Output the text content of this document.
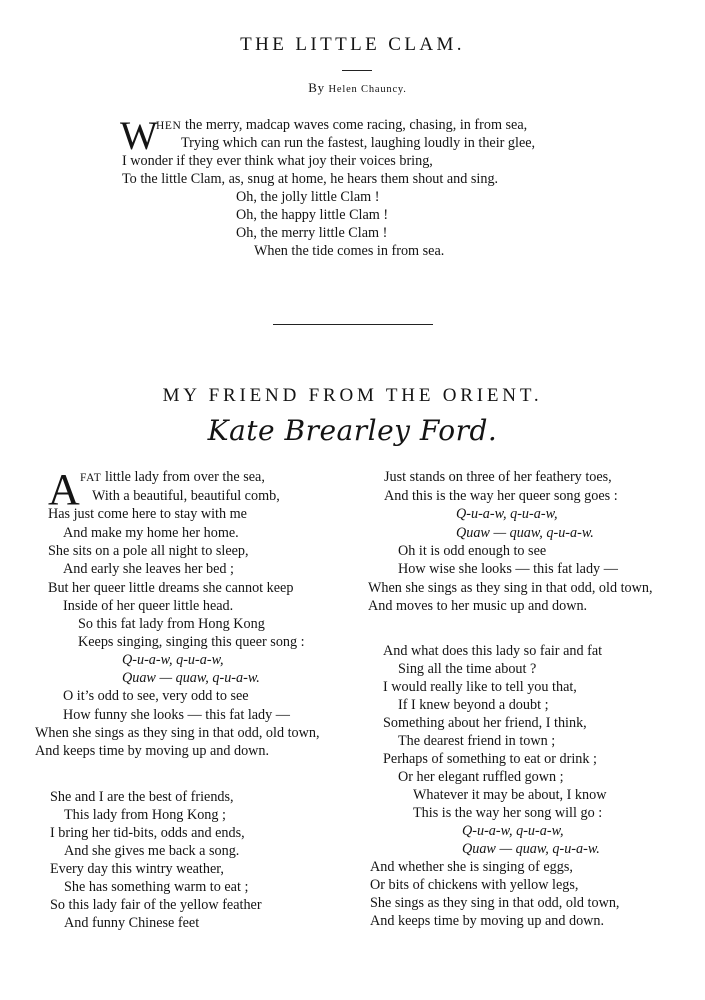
THE LITTLE CLAM.
By Helen Chauncy.
W
HEN the merry, madcap waves come racing, chasing, in from sea,
Trying which can run the fastest, laughing loudly in their glee,
I wonder if they ever think what joy their voices bring,
To the little Clam, as, snug at home, he hears them shout and sing.
Oh, the jolly little Clam !
Oh, the happy little Clam !
Oh, the merry little Clam !
When the tide comes in from sea.
MY FRIEND FROM THE ORIENT.
Kate Brearley Ford.
A FAT little lady from over the sea,
With a beautiful, beautiful comb,
Has just come here to stay with me
And make my home her home.
She sits on a pole all night to sleep,
And early she leaves her bed ;
But her queer little dreams she cannot keep
Inside of her queer little head.
So this fat lady from Hong Kong
Keeps singing, singing this queer song :
Q-u-a-w, q-u-a-w,
Quaw — quaw, q-u-a-w.
O it’s odd to see, very odd to see
How funny she looks — this fat lady —
When she sings as they sing in that odd, old town,
And keeps time by moving up and down.
She and I are the best of friends,
This lady from Hong Kong ;
I bring her tid-bits, odds and ends,
And she gives me back a song.
Every day this wintry weather,
She has something warm to eat ;
So this lady fair of the yellow feather
And funny Chinese feet
Just stands on three of her feathery toes,
And this is the way her queer song goes :
Q-u-a-w, q-u-a-w,
Quaw — quaw, q-u-a-w.
Oh it is odd enough to see
How wise she looks — this fat lady —
When she sings as they sing in that odd, old town,
And moves to her music up and down.
And what does this lady so fair and fat
Sing all the time about ?
I would really like to tell you that,
If I knew beyond a doubt ;
Something about her friend, I think,
The dearest friend in town ;
Perhaps of something to eat or drink ;
Or her elegant ruffled gown ;
Whatever it may be about, I know
This is the way her song will go :
Q-u-a-w, q-u-a-w,
Quaw — quaw, q-u-a-w.
And whether she is singing of eggs,
Or bits of chickens with yellow legs,
She sings as they sing in that odd, old town,
And keeps time by moving up and down.
